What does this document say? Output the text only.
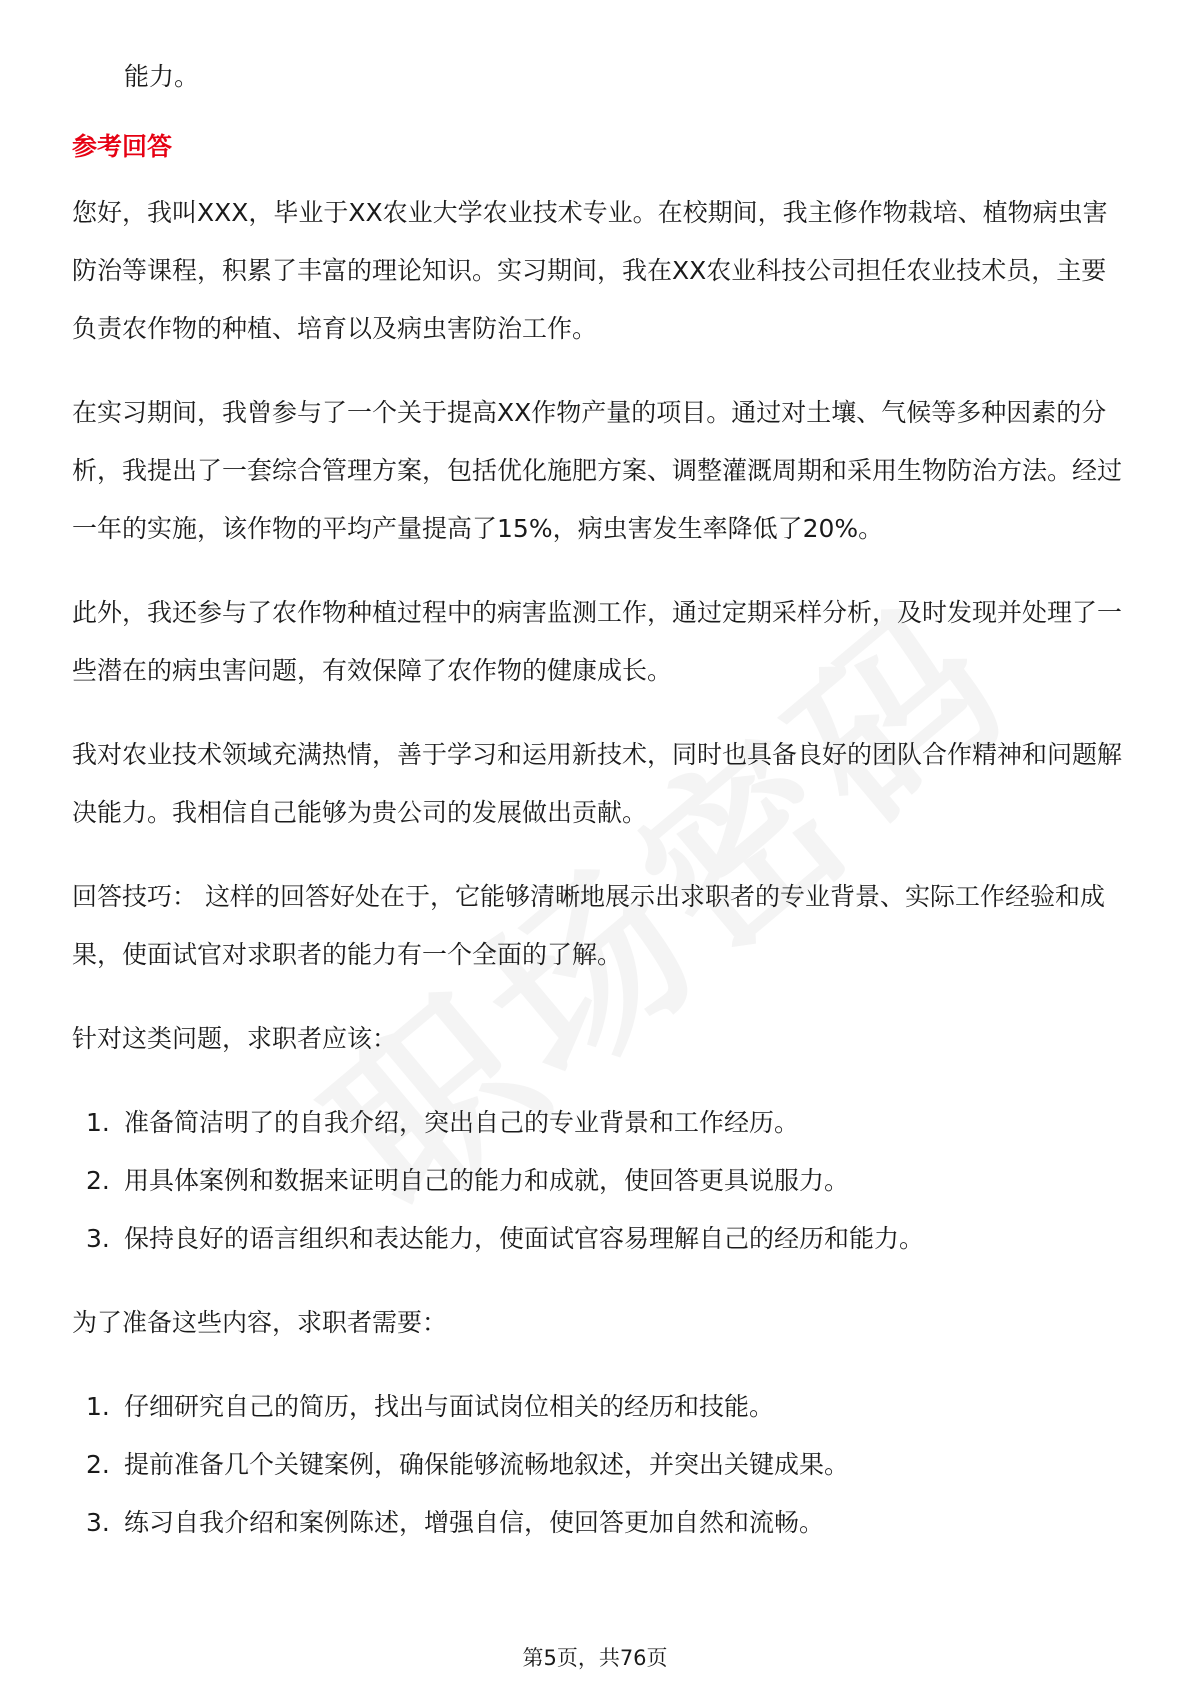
能力。

参考回答

您好，我叫XXX，毕业于XX农业大学农业技术专业。在校期间，我主修作物栽培、植物病虫害防治等课程，积累了丰富的理论知识。实习期间，我在XX农业科技公司担任农业技术员，主要负责农作物的种植、培育以及病虫害防治工作。

在实习期间，我曾参与了一个关于提高XX作物产量的项目。通过对土壤、气候等多种因素的分析，我提出了一套综合管理方案，包括优化施肥方案、调整灌溉周期和采用生物防治方法。经过一年的实施，该作物的平均产量提高了15%，病虫害发生率降低了20%。

此外，我还参与了农作物种植过程中的病害监测工作，通过定期采样分析，及时发现并处理了一些潜在的病虫害问题，有效保障了农作物的健康成长。

我对农业技术领域充满热情，善于学习和运用新技术，同时也具备良好的团队合作精神和问题解决能力。我相信自己能够为贵公司的发展做出贡献。

回答技巧： 这样的回答好处在于，它能够清晰地展示出求职者的专业背景、实际工作经验和成果，使面试官对求职者的能力有一个全面的了解。

针对这类问题，求职者应该：

1. 准备简洁明了的自我介绍，突出自己的专业背景和工作经历。
2. 用具体案例和数据来证明自己的能力和成就，使回答更具说服力。
3. 保持良好的语言组织和表达能力，使面试官容易理解自己的经历和能力。

为了准备这些内容，求职者需要：

1. 仔细研究自己的简历，找出与面试岗位相关的经历和技能。
2. 提前准备几个关键案例，确保能够流畅地叙述，并突出关键成果。
3. 练习自我介绍和案例陈述，增强自信，使回答更加自然和流畅。
第5页，共76页
